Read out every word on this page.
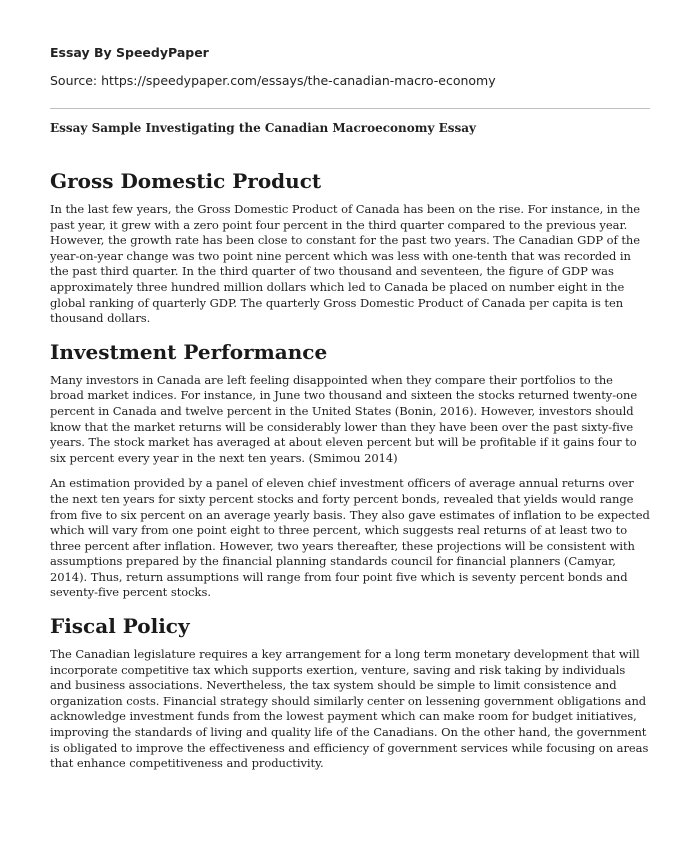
Essay By SpeedyPaper
Source: https://speedypaper.com/essays/the-canadian-macro-economy
Essay Sample Investigating the Canadian Macroeconomy Essay
Gross Domestic Product

In the last few years, the Gross Domestic Product of Canada has been on the rise. For instance, in the past year, it grew with a zero point four percent in the third quarter compared to the previous year. However, the growth rate has been close to constant for the past two years. The Canadian GDP of the year-on-year change was two point nine percent which was less with one-tenth that was recorded in the past third quarter. In the third quarter of two thousand and seventeen, the figure of GDP was approximately three hundred million dollars which led to Canada be placed on number eight in the global ranking of quarterly GDP. The quarterly Gross Domestic Product of Canada per capita is ten thousand dollars.

Investment Performance

Many investors in Canada are left feeling disappointed when they compare their portfolios to the broad market indices. For instance, in June two thousand and sixteen the stocks returned twenty-one percent in Canada and twelve percent in the United States (Bonin, 2016). However, investors should know that the market returns will be considerably lower than they have been over the past sixty-five years. The stock market has averaged at about eleven percent but will be profitable if it gains four to six percent every year in the next ten years. (Smimou 2014)

An estimation provided by a panel of eleven chief investment officers of average annual returns over the next ten years for sixty percent stocks and forty percent bonds, revealed that yields would range from five to six percent on an average yearly basis. They also gave estimates of inflation to be expected which will vary from one point eight to three percent, which suggests real returns of at least two to three percent after inflation. However, two years thereafter, these projections will be consistent with assumptions prepared by the financial planning standards council for financial planners (Camyar, 2014). Thus, return assumptions will range from four point five which is seventy percent bonds and seventy-five percent stocks.

Fiscal Policy

The Canadian legislature requires a key arrangement for a long term monetary development that will incorporate competitive tax which supports exertion, venture, saving and risk taking by individuals and business associations. Nevertheless, the tax system should be simple to limit consistence and organization costs. Financial strategy should similarly center on lessening government obligations and acknowledge investment funds from the lowest payment which can make room for budget initiatives, improving the standards of living and quality life of the Canadians. On the other hand, the government is obligated to improve the effectiveness and efficiency of government services while focusing on areas that enhance competitiveness and productivity.
